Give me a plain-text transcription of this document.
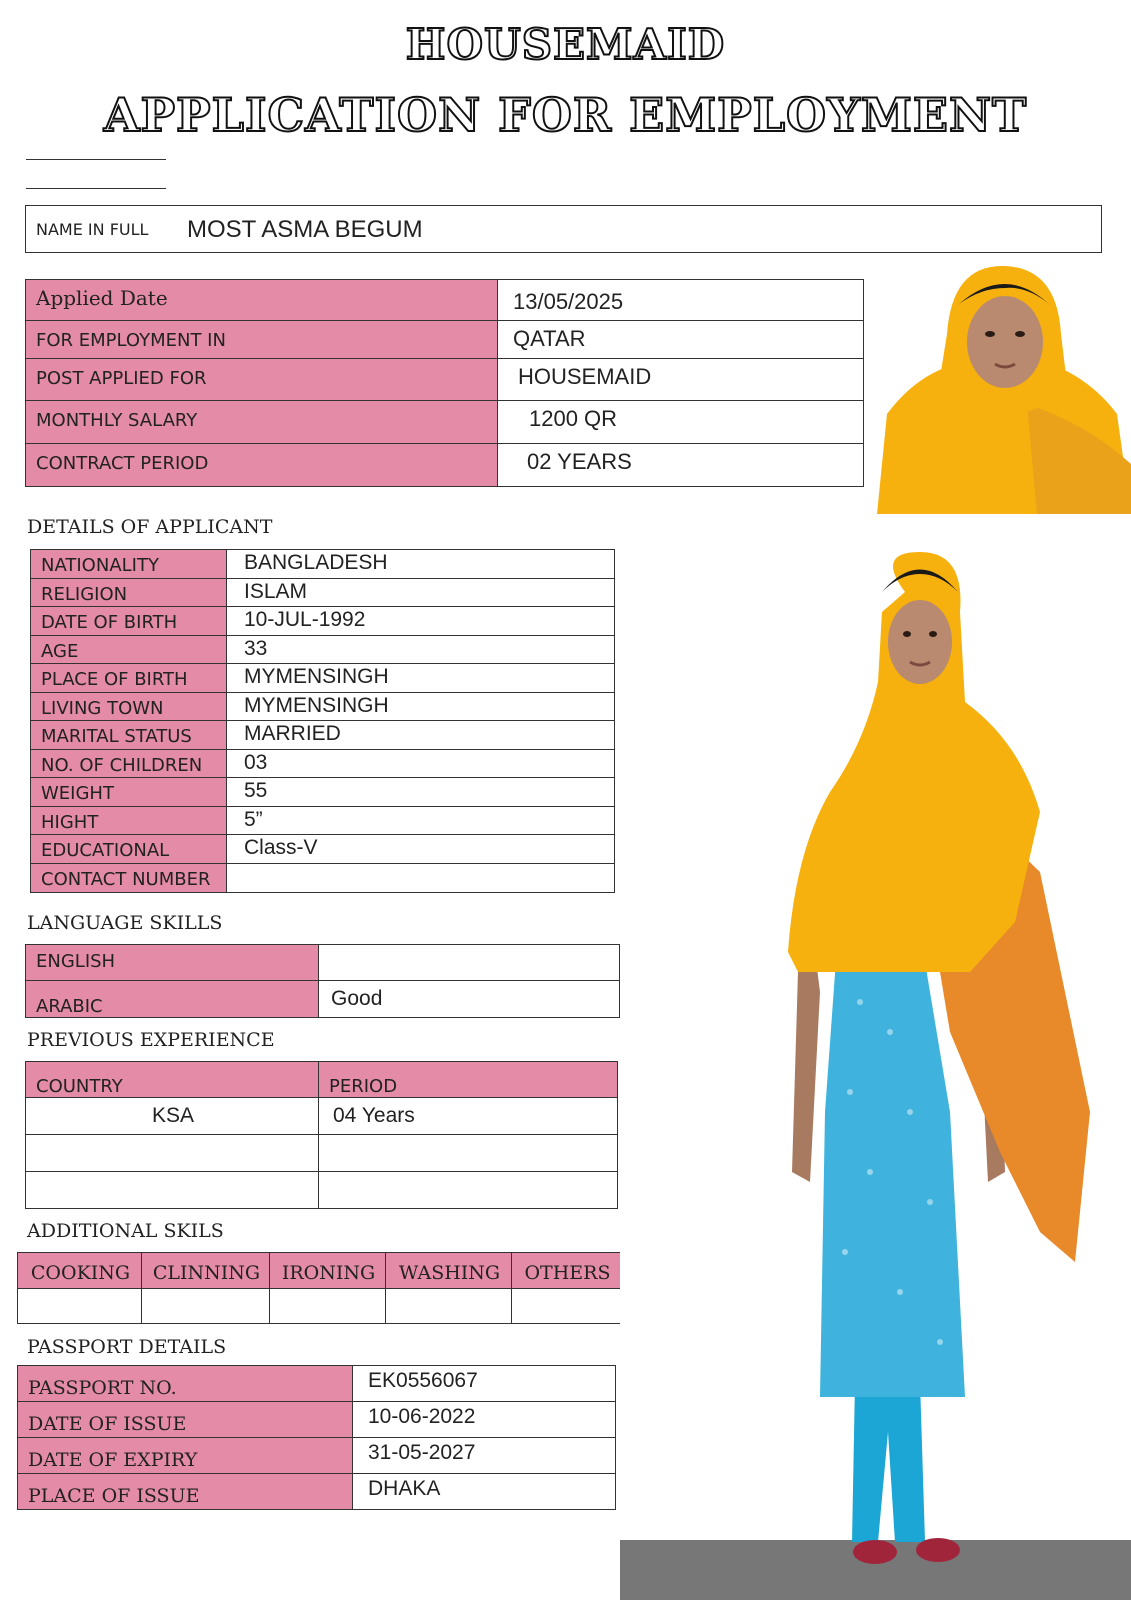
HOUSEMAID
APPLICATION FOR EMPLOYMENT
NAME IN FULL MOST ASMA BEGUM
Applied Date	13/05/2025
FOR EMPLOYMENT IN	QATAR
POST APPLIED FOR	HOUSEMAID
MONTHLY SALARY	1200 QR
CONTRACT PERIOD	02 YEARS
DETAILS OF APPLICANT
NATIONALITY	BANGLADESH
RELIGION	ISLAM
DATE OF BIRTH	10-JUL-1992
AGE	33
PLACE OF BIRTH	MYMENSINGH
LIVING TOWN	MYMENSINGH
MARITAL STATUS MARRIED
NO. OF CHILDREN 03
WEIGHT	55
HIGHT	5”
EDUCATIONAL	Class-V
CONTACT NUMBER
LANGUAGE SKILLS
ENGLISH
ARABIC	Good
PREVIOUS EXPERIENCE
COUNTRY	PERIOD
KSA	04 Years
ADDITIONAL SKILS
COOKING	CLINNING	IRONING	WASHING	OTHERS
PASSPORT DETAILS
PASSPORT NO.	EK0556067
DATE OF ISSUE	10-06-2022
DATE OF EXPIRY	31-05-2027
PLACE OF ISSUE	DHAKA
